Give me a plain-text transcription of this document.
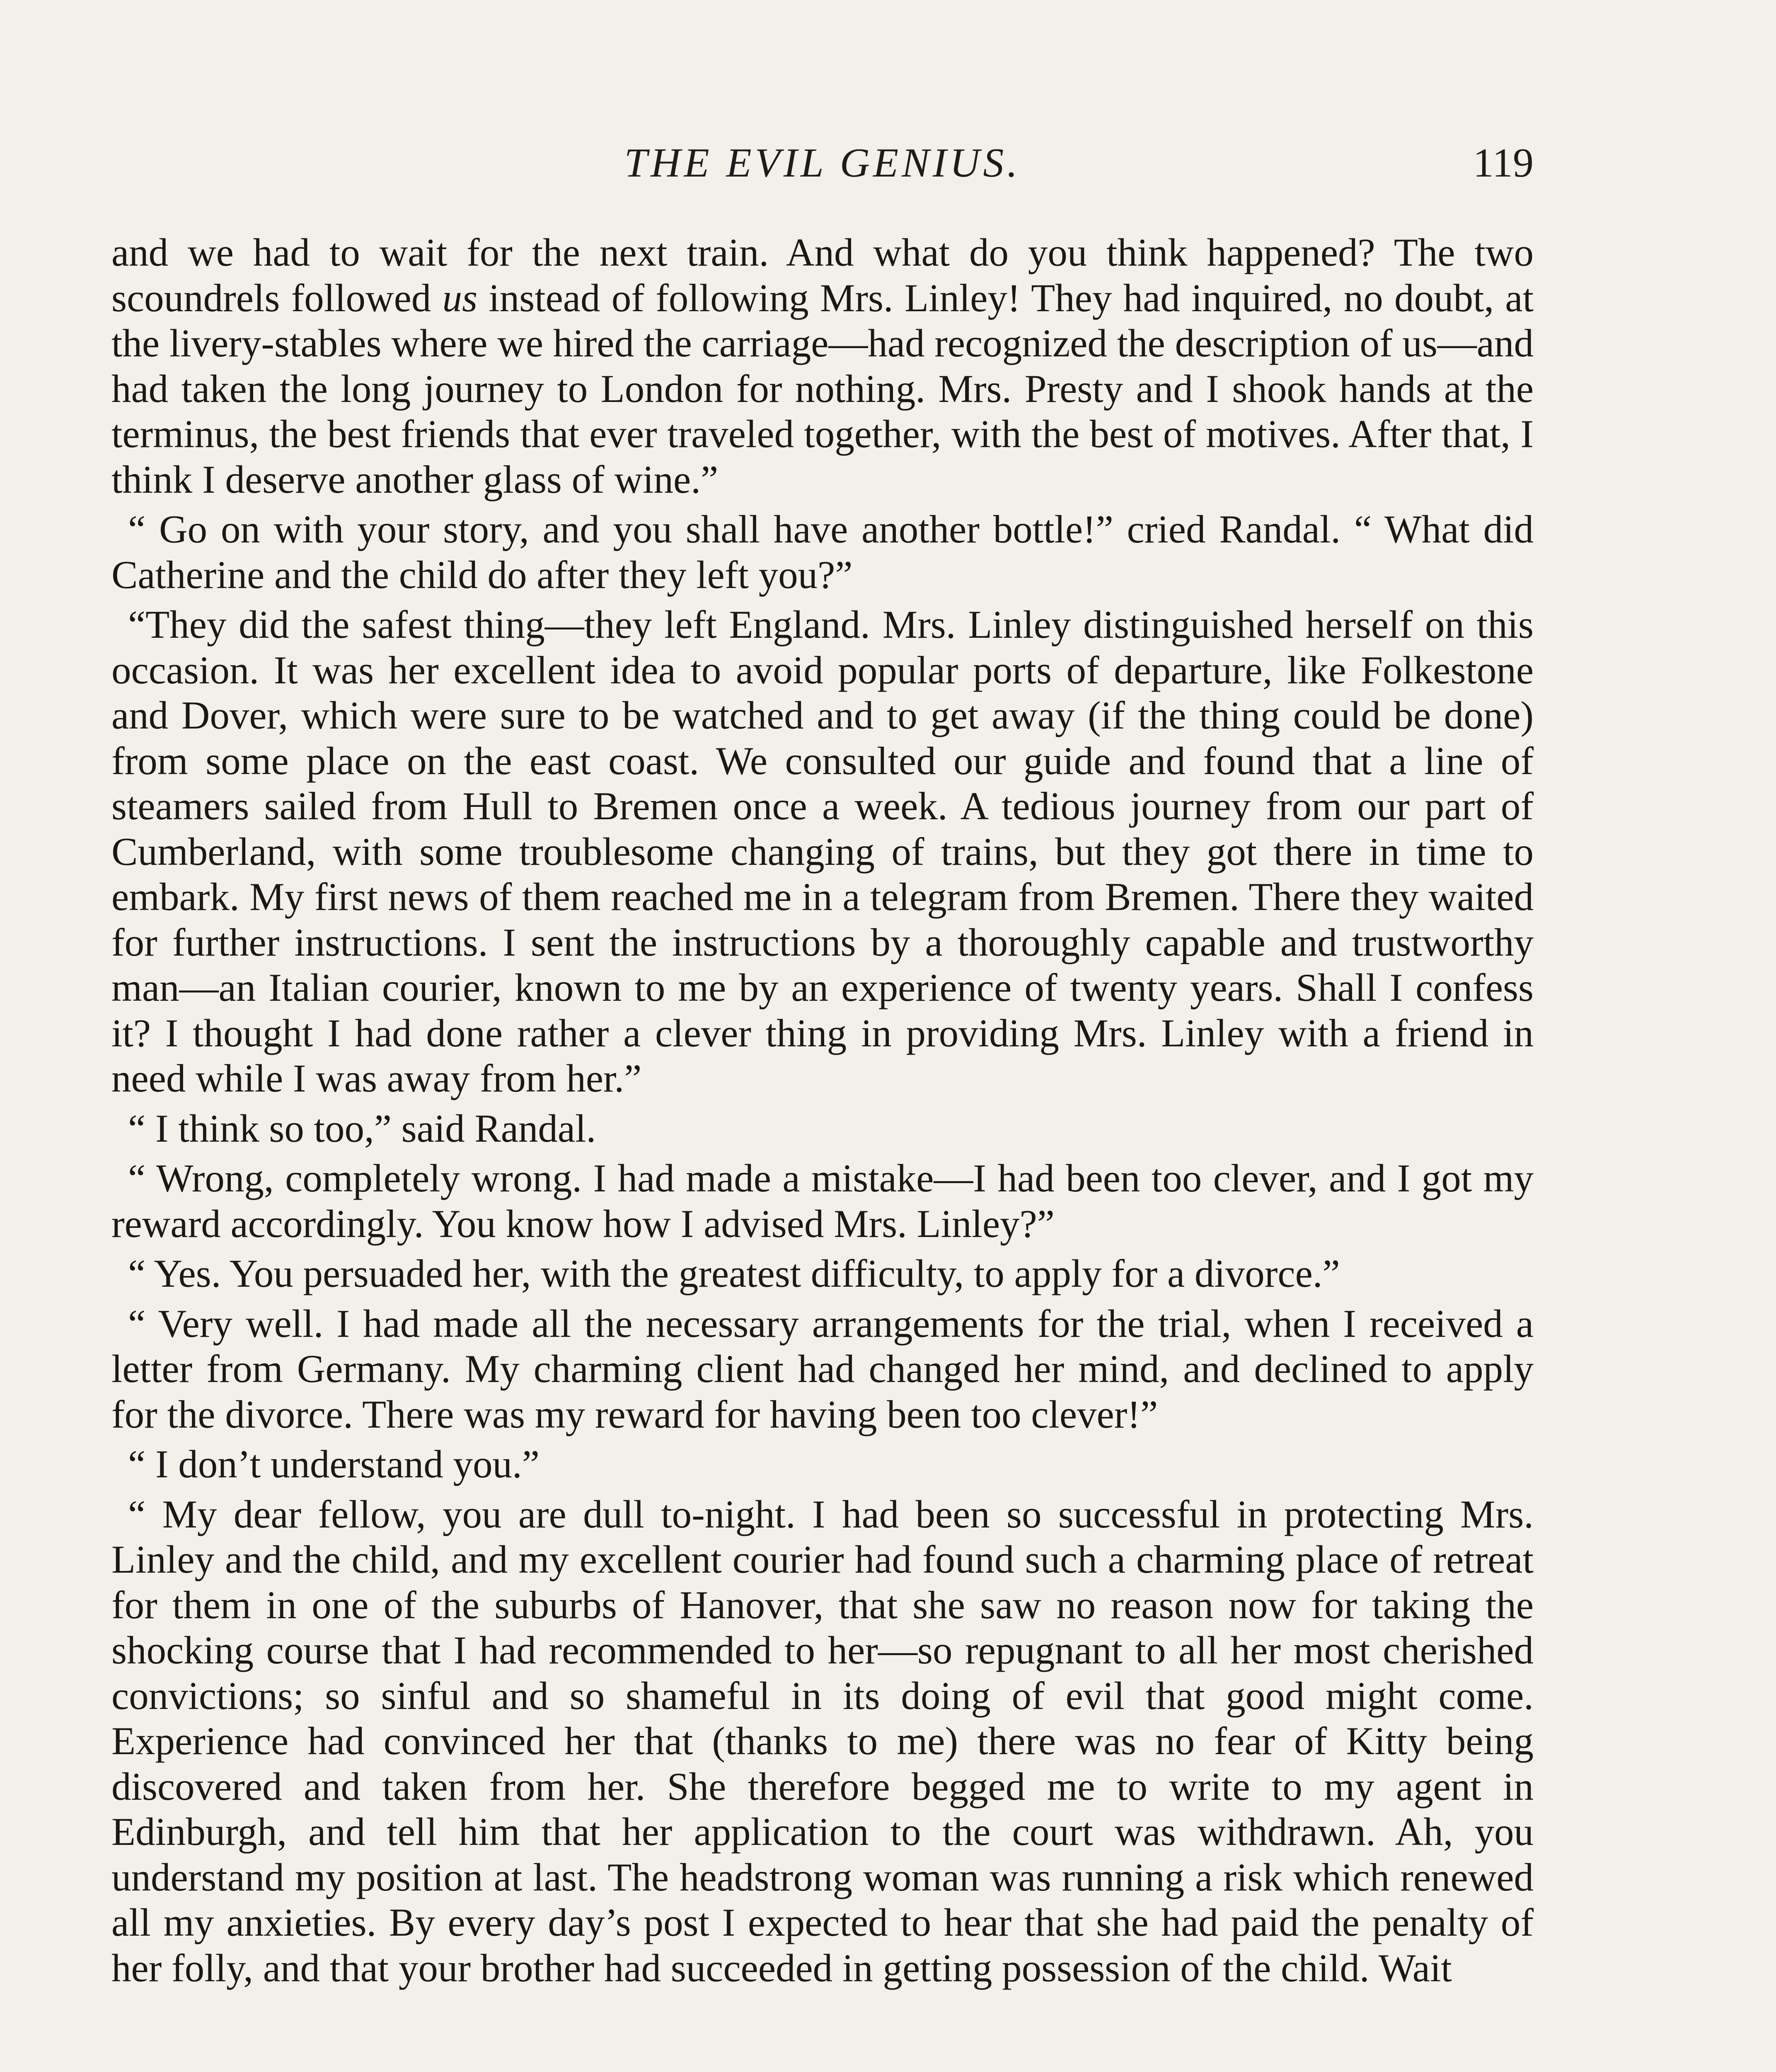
THE EVIL GENIUS.	119

and we had to wait for the next train. And what do you think happened? The two scoundrels followed us instead of following Mrs. Linley! They had inquired, no doubt, at the livery-stables where we hired the carriage—had recognized the description of us—and had taken the long journey to London for nothing. Mrs. Presty and I shook hands at the terminus, the best friends that ever traveled together, with the best of motives. After that, I think I deserve another glass of wine.”

“ Go on with your story, and you shall have another bottle!” cried Randal. “ What did Catherine and the child do after they left you?”

“They did the safest thing—they left England. Mrs. Linley distinguished herself on this occasion. It was her excellent idea to avoid popular ports of departure, like Folkestone and Dover, which were sure to be watched and to get away (if the thing could be done) from some place on the east coast. We consulted our guide and found that a line of steamers sailed from Hull to Bremen once a week. A tedious journey from our part of Cumberland, with some troublesome changing of trains, but they got there in time to embark. My first news of them reached me in a telegram from Bremen. There they waited for further instructions. I sent the instructions by a thoroughly capable and trustworthy man—an Italian courier, known to me by an experience of twenty years. Shall I confess it? I thought I had done rather a clever thing in providing Mrs. Linley with a friend in need while I was away from her.”

“ I think so too,” said Randal.

“ Wrong, completely wrong. I had made a mistake—I had been too clever, and I got my reward accordingly. You know how I advised Mrs. Linley?”

“ Yes. You persuaded her, with the greatest difficulty, to apply for a divorce.”

“ Very well. I had made all the necessary arrangements for the trial, when I received a letter from Germany. My charming client had changed her mind, and declined to apply for the divorce. There was my reward for having been too clever!”

“ I don’t understand you.”

“ My dear fellow, you are dull to-night. I had been so successful in protecting Mrs. Linley and the child, and my excellent courier had found such a charming place of retreat for them in one of the suburbs of Hanover, that she saw no reason now for taking the shocking course that I had recommended to her—so repugnant to all her most cherished convictions; so sinful and so shameful in its doing of evil that good might come. Experience had convinced her that (thanks to me) there was no fear of Kitty being discovered and taken from her. She therefore begged me to write to my agent in Edinburgh, and tell him that her application to the court was withdrawn. Ah, you understand my position at last. The headstrong woman was running a risk which renewed all my anxieties. By every day’s post I expected to hear that she had paid the penalty of her folly, and that your brother had succeeded in getting possession of the child. Wait
